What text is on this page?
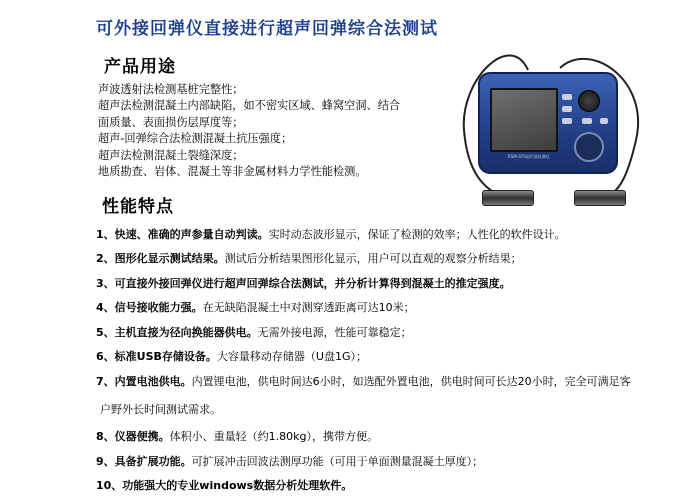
可外接回弹仪直接进行超声回弹综合法测试
产品用途
声波透射法检测基桩完整性；
超声法检测混凝土内部缺陷，如不密实区域、蜂窝空洞、结合
面质量、表面损伤层厚度等；
超声-回弹综合法检测混凝土抗压强度；
超声法检测混凝土裂缝深度；
地质勘查、岩体、混凝土等非金属材料力学性能检测。
性能特点
1、快速、准确的声参量自动判读。实时动态波形显示，保证了检测的效率；人性化的软件设计。
2、图形化显示测试结果。测试后分析结果图形化显示，用户可以直观的观察分析结果；
3、可直接外接回弹仪进行超声回弹综合法测试，并分析计算得到混凝土的推定强度。
4、信号接收能力强。在无缺陷混凝土中对测穿透距离可达10米；
5、主机直接为径向换能器供电。无需外接电源，性能可靠稳定；
6、标准USB存储设备。大容量移动存储器（U盘1G）；
7、内置电池供电。内置锂电池，供电时间达6小时，如选配外置电池，供电时间可长达20小时，完全可满足客
户野外长时间测试需求。
8、仪器便携。体积小、重量轻（约1.80kg），携带方便。
9、具备扩展功能。可扩展冲击回波法测厚功能（可用于单面测量混凝土厚度）；
10、功能强大的专业windows数据分析处理软件。
RSM-SY5超声波检测仪
